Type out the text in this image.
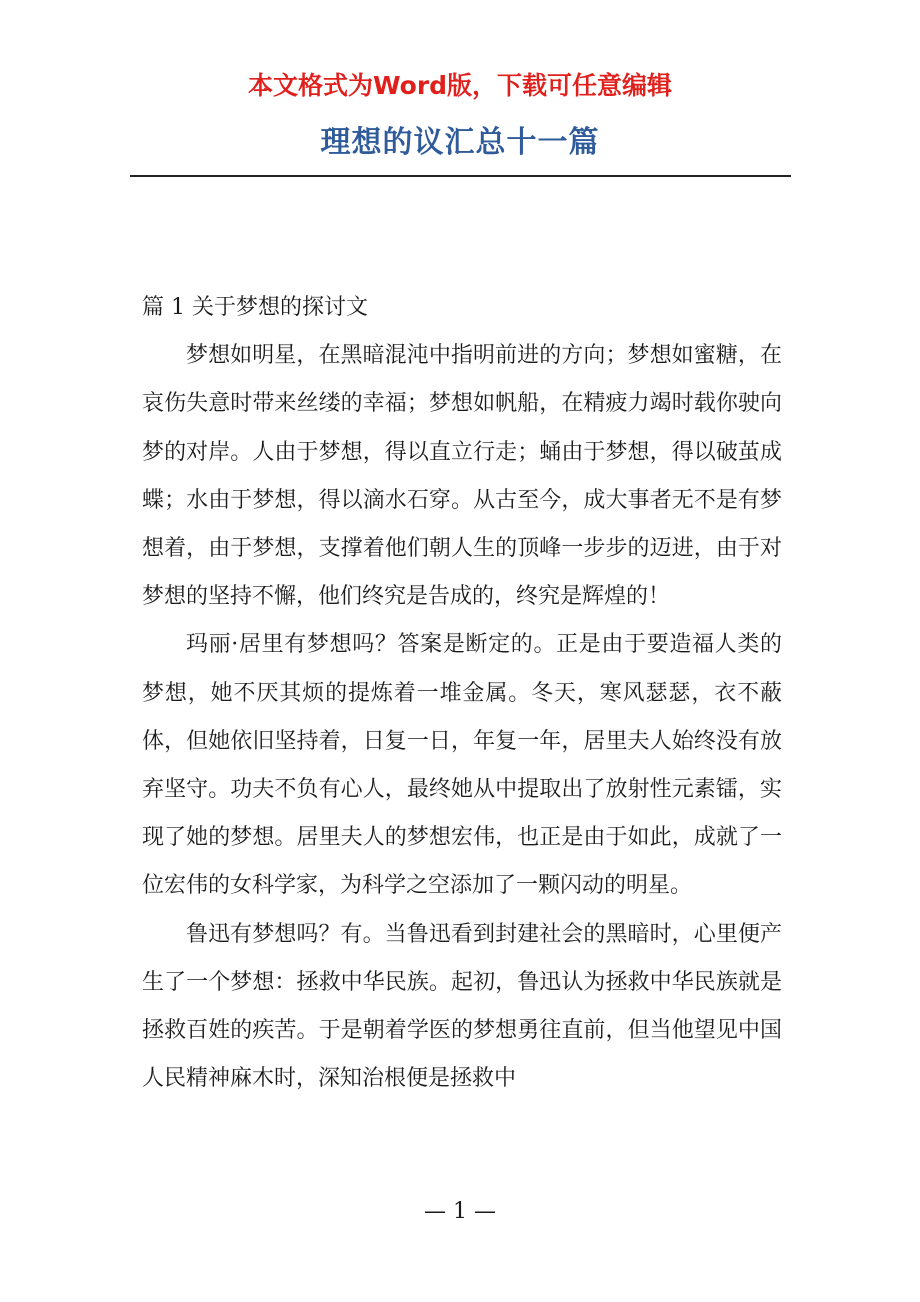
本文格式为Word版，下载可任意编辑
理想的议汇总十一篇
篇 1 关于梦想的探讨文

梦想如明星，在黑暗混沌中指明前进的方向；梦想如蜜糖，在哀伤失意时带来丝缕的幸福；梦想如帆船，在精疲力竭时载你驶向梦的对岸。人由于梦想，得以直立行走；蛹由于梦想，得以破茧成蝶；水由于梦想，得以滴水石穿。从古至今，成大事者无不是有梦想着，由于梦想，支撑着他们朝人生的顶峰一步步的迈进，由于对梦想的坚持不懈，他们终究是告成的，终究是辉煌的！

玛丽·居里有梦想吗？答案是断定的。正是由于要造福人类的梦想，她不厌其烦的提炼着一堆金属。冬天，寒风瑟瑟，衣不蔽体，但她依旧坚持着，日复一日，年复一年，居里夫人始终没有放弃坚守。功夫不负有心人，最终她从中提取出了放射性元素镭，实现了她的梦想。居里夫人的梦想宏伟，也正是由于如此，成就了一位宏伟的女科学家，为科学之空添加了一颗闪动的明星。

鲁迅有梦想吗？有。当鲁迅看到封建社会的黑暗时，心里便产生了一个梦想：拯救中华民族。起初，鲁迅认为拯救中华民族就是拯救百姓的疾苦。于是朝着学医的梦想勇往直前，但当他望见中国人民精神麻木时，深知治根便是拯救中

— 1 —
